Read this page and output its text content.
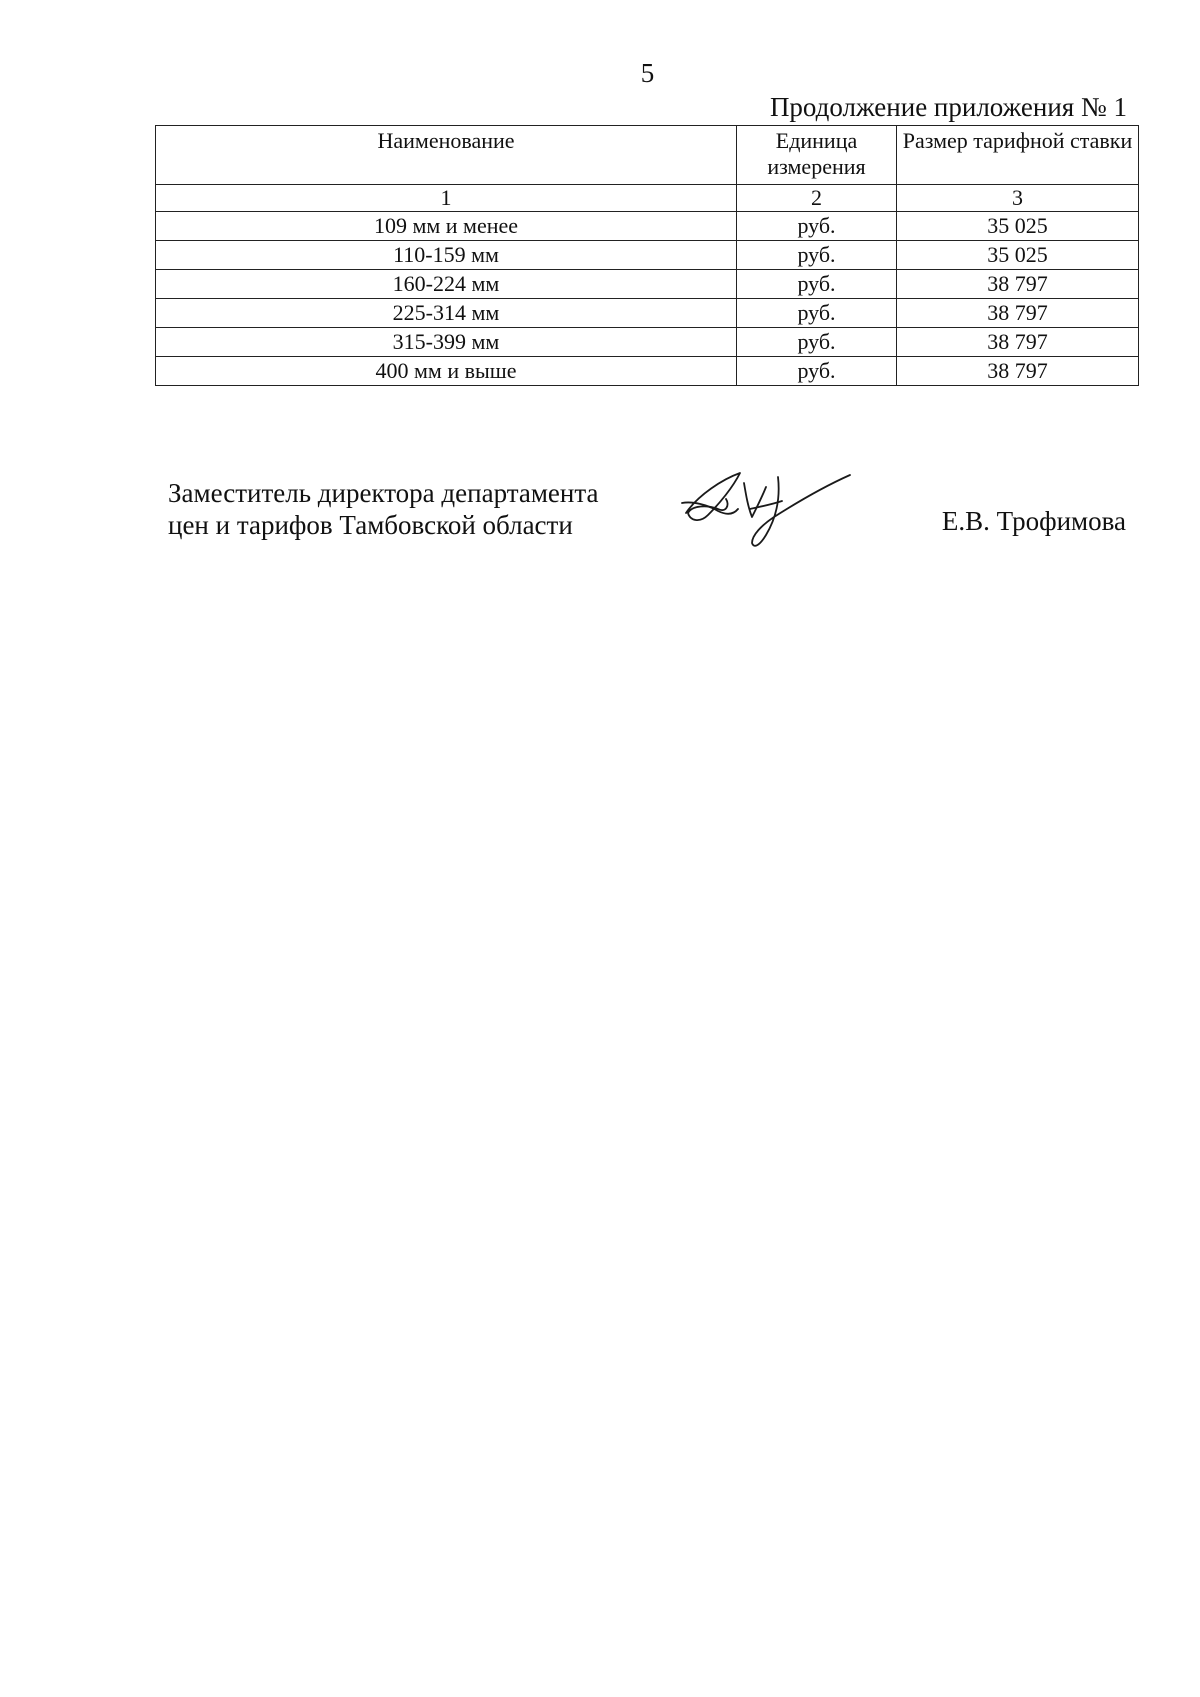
5
Продолжение приложения № 1
Наименование	Единица измерения	Размер тарифной ставки
1	2	3
109 мм и менее	руб.	35 025
110-159 мм	руб.	35 025
160-224 мм	руб.	38 797
225-314 мм	руб.	38 797
315-399 мм	руб.	38 797
400 мм и выше	руб.	38 797
Заместитель директора департамента
цен и тарифов Тамбовской области	Е.В. Трофимова
